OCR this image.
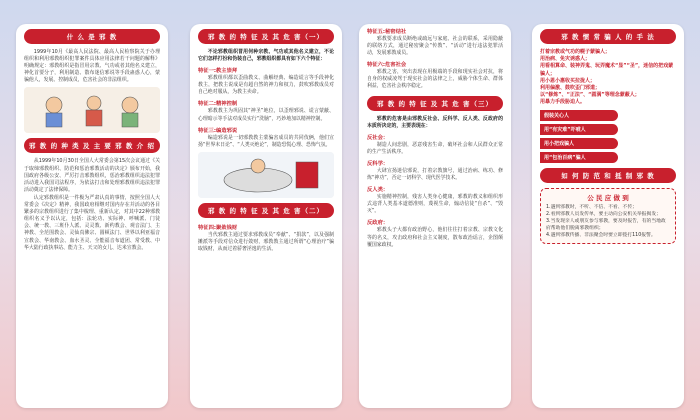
什 么 是 邪 教

1999年10月《最高人民法院、最高人民检察院关于办理组织和利用邪教组织犯罪案件具体应用法律若干问题的解释》明确规定：邪教组织是指冒用宗教、气功或者其他名义建立，神化首要分子，利用制造、散布迷信邪说等手段蛊惑人心，蒙骗他人，发展、控制成员，危害社会的非法组织。

邪 教 的 种 类 及 主 要 邪 教 介 绍

从1999年10月30日全国人大常委会第15次会议通过《关于取缔邪教组织、防范和惩治邪教活动的决定》颁布开始，我国政府各级公安、严厉打击邪教组织，惩治邪教组织违法犯罪活动进入我国司法程序，为依法打击和处理邪教组织违法犯罪活动奠定了法律保障。

认定邪教组织是一件极为严肃认真的事情，按照全国人大常委会《决定》精神，我国政府相继对国内存在并活动的各目繁多的宗教组织进行了集中梳理、重新认定，对其中22种邪教组织名义予以认定，包括：法轮功、实际神、呼喊派、门徒会、统一教、三班仆人派、灵灵教、新约教会、观音法门、主神教、全范围教会、灵仙真佛宗、圆顿法门、世界以利亚福音宣教会、华南教会、血水圣灵、全能福音布道团、常受教、中华大陆行政执事站、能力主、天父的女儿、达米宣教会。

邪 教 的 特 征 及 其 危 害（一）

不论邪教组织冒用何种宗教、气功或其他名义建立，不论它们怎样打扮和伪装自己，邪教组织都具有如下六个特征：

特征一:教主崇拜

邪教组织都以歪曲教义、曲解经典、编造谎言等手段神化教主，把教主说成是有超自然的神力和权力，鼓吹邪教成员对自己绝对服从，为教主卖命。

特征二:精神控制

邪教教主为巩固其“神圣”地位，以歪理邪说、谎言蒙蔽、心理暗示等手法对成员实行“洗脑”，巧妙地加以精神控制。

特征三:编造邪说

编造邪说是一切邪教教主蒙骗害成员的共同伎俩，他们宣扬“世界末日论”、“人类灭绝论”，制造恐慌心理、恐怖气氛。

邪 教 的 特 征 及 其 危 害（二）
特征四:聚敛钱财

当代邪教主通过要求邪教成员“奉献”、“捐款”，以及强制摊派等手段对信众进行敛财，邪教教主通过所谓“心理治疗”骗取钱财，从而过着骄奢淫逸的生活。

特征五:秘密结社

邪教要求成员断绝或疏远与家庭、社会的联系，采用隐蔽的联络方式，通过秘密聚会“传教”、“活动”进行违法犯罪活动，发展邪教成员。

特征六:危害社会

邪教之害，突出表现在用极端的手段和现实社会对抗，将自身的权威凌驾于现实社会的法律之上，威胁个体生命、群体利益，危害社会秩序稳定。

邪 教 的 特 征 及 其 危 害（三）

邪教的危害是由邪教反社会、反科学、反人类、反政府的本质所决定的，主要表现在：

反社会：

制造人间悲剧，恶意残害生命，破坏社会和人民群众正常的生产生活秩序。

反科学：

大肆宣扬迷信邪说，打着宗教旗号，通过治病、练功、修炼“神功”，否定一切科学、现代医学技术。

反人类：

实施精神控制，残害人类身心健康，邪教的教义和组织形式违背人类基本道德准则，蔑视生命，煽动信徒“自杀”、“毁灭”。

反政府：

邪教头子大都有政治野心，他们往往打着宗教、宗教文化等的名义，攻击政府和社会主义制度，散布政治谣言，企图颠覆国家政权。

邪 教 惯 常 骗 人 的 手 法
打着宗教或气功的幌子蒙骗人；
用治病、免灾诱惑人；
用看相算命、装神弄鬼、玩弄魔术“显”“圣”，迷信的把戏蒙骗人；
用小恩小惠收买拉拢人；
利用偏激、鼓吹歪门邪道；
以“修炼”、“正法”、“圆满”等理念蒙蔽人；
用暴力手段胁迫人。
假装关心人
用“有灾难”吓唬人
用小把戏骗人
用“包治百病”骗人
如 何 防 范 和 抵 制 邪 教
公 民 应 做 到
1.遇到邪教时，不听、不信、不看、不传；
2.看到邪教人员发传单，要主动向公安机关举报揭发；
3.当发现亲人或朋友参与邪教，要及时报告，有的当地政府帮助他们脱离邪教组织；
4.遇到邪教传播、非法聚会时要立即拨打110报警。
